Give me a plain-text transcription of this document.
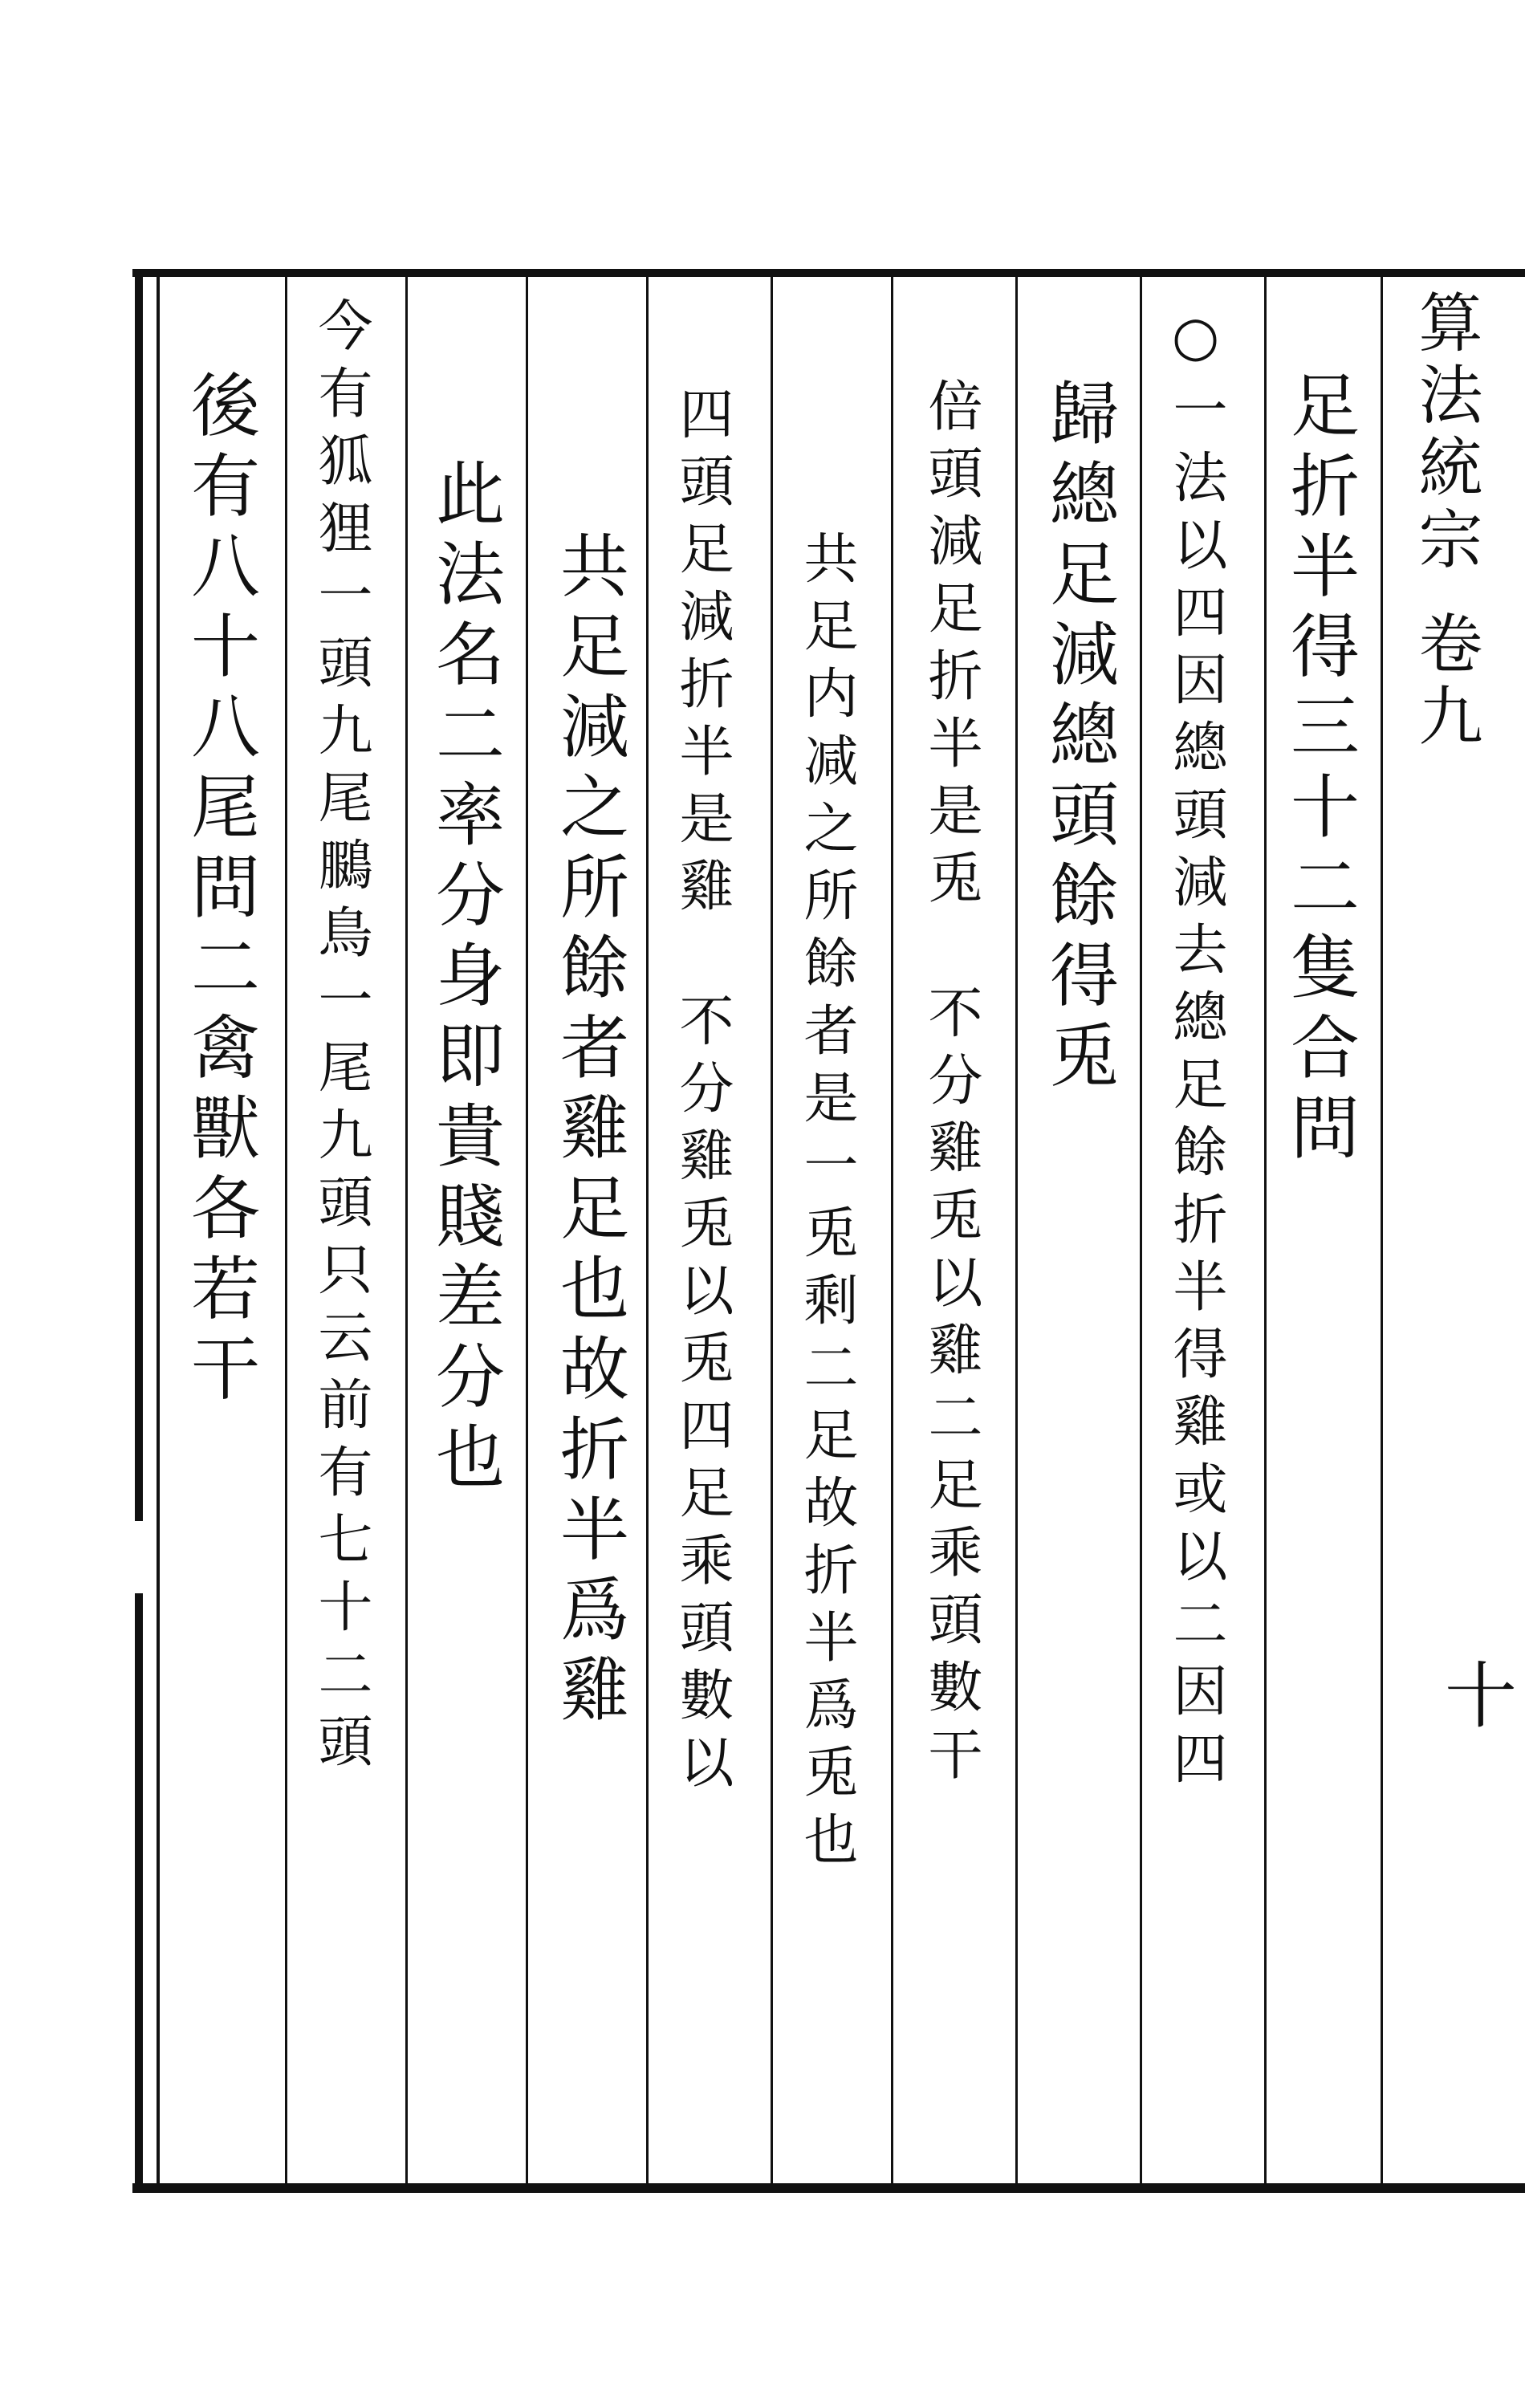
算法統宗
卷九
十
足折半得三十二隻合問
○一法以四因總頭減去總足餘折半得雞或以二因四
歸總足減總頭餘得兎
倍頭減足折半是兎　不分雞兎以雞二足乘頭數干
共足内减之所餘者是一兎剩二足故折半爲兎也
四頭足減折半是雞　不分雞兎以兎四足乘頭數以
共足減之所餘者雞足也故折半爲雞
此法名二率分身即貴賤差分也
今有狐狸一頭九尾鵩鳥一尾九頭只云前有七十二頭
後有八十八尾問二禽獸各若干
